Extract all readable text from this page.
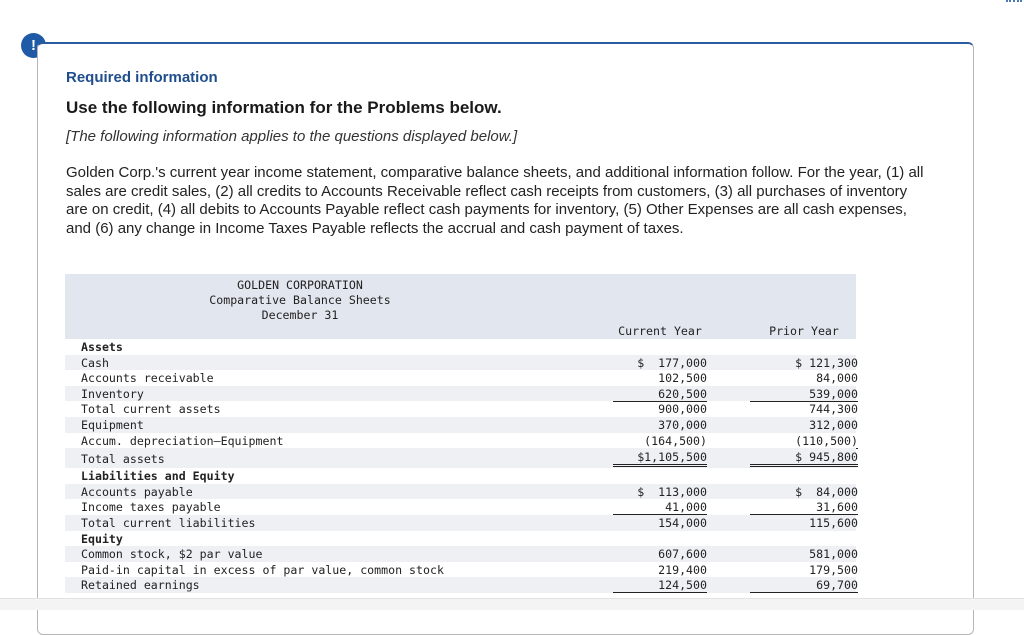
!
Required information
Use the following information for the Problems below.
[The following information applies to the questions displayed below.]
Golden Corp.'s current year income statement, comparative balance sheets, and additional information follow. For the year, (1) all sales are credit sales, (2) all credits to Accounts Receivable reflect cash receipts from customers, (3) all purchases of inventory are on credit, (4) all debits to Accounts Payable reflect cash payments for inventory, (5) Other Expenses are all cash expenses, and (6) any change in Income Taxes Payable reflects the accrual and cash payment of taxes.
GOLDEN CORPORATION
Comparative Balance Sheets
December 31
Current Year	Prior Year
Assets
Cash	$  177,000	$ 121,300
Accounts receivable	102,500	84,000
Inventory	620,500	539,000
Total current assets	900,000	744,300
Equipment	370,000	312,000
Accum. depreciation—Equipment	(164,500)	(110,500)
Total assets	$1,105,500	$ 945,800
Liabilities and Equity
Accounts payable	$  113,000	$  84,000
Income taxes payable	41,000	31,600
Total current liabilities	154,000	115,600
Equity
Common stock, $2 par value	607,600	581,000
Paid-in capital in excess of par value, common stock	219,400	179,500
Retained earnings	124,500	69,700
